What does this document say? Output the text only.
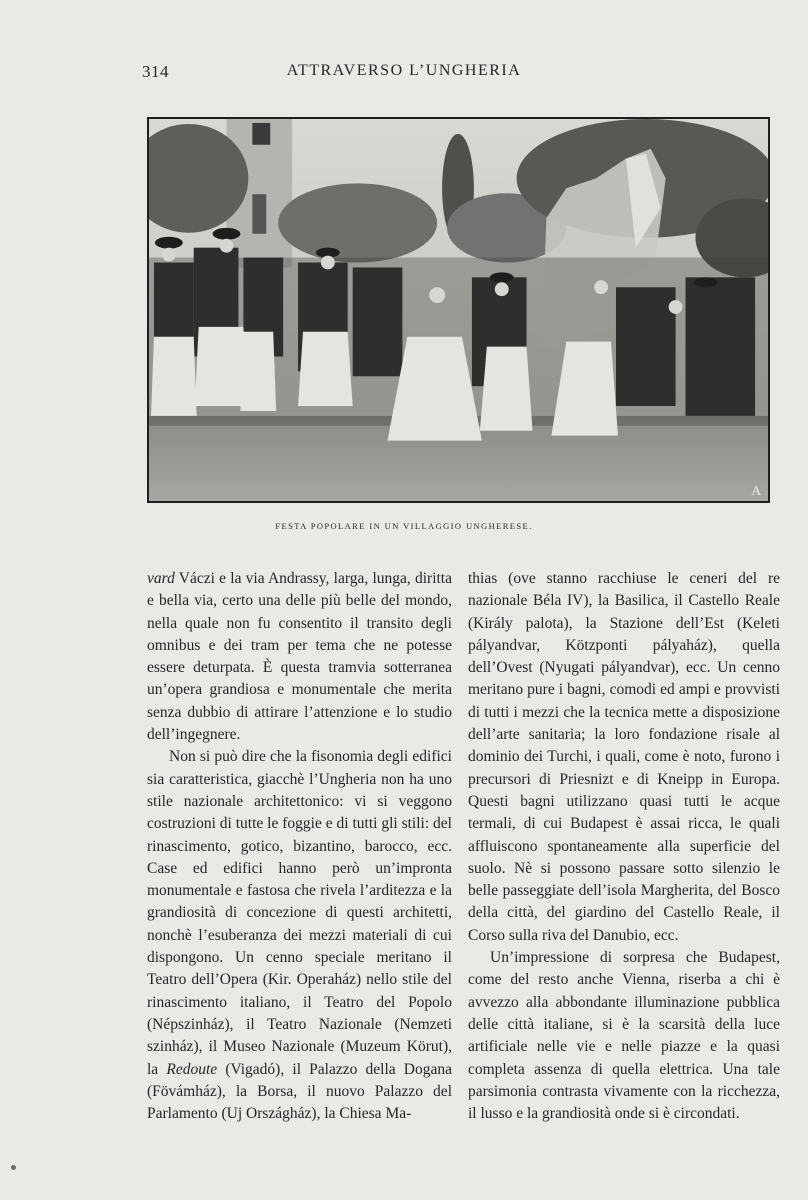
314	ATTRAVERSO L’UNGHERIA
A
FESTA POPOLARE IN UN VILLAGGIO UNGHERESE.

vard Váczi e la via Andrassy, larga, lunga, diritta e bella via, certo una delle più belle del mondo, nella quale non fu consentito il transito degli omnibus e dei tram per tema che ne potesse essere deturpata. È questa tramvia sotterranea un’opera grandiosa e monumentale che merita senza dubbio di attirare l’attenzione e lo studio dell’ingegnere.

Non si può dire che la fisonomia degli edifici sia caratteristica, giacchè l’Ungheria non ha uno stile nazionale architettonico: vi si veggono costruzioni di tutte le foggie e di tutti gli stili: del rinascimento, gotico, bizantino, barocco, ecc. Case ed edifici hanno però un’impronta monumentale e fastosa che rivela l’arditezza e la grandiosità di concezione di questi architetti, nonchè l’esuberanza dei mezzi materiali di cui dispongono. Un cenno speciale meritano il Teatro dell’Opera (Kir. Operaház) nello stile del rinascimento italiano, il Teatro del Popolo (Népszinház), il Teatro Nazionale (Nemzeti szinház), il Museo Nazionale (Muzeum Körut), la Redoute (Vigadó), il Palazzo della Dogana (Fövámház), la Borsa, il nuovo Palazzo del Parlamento (Uj Országház), la Chiesa Ma-

thias (ove stanno racchiuse le ceneri del re nazionale Béla IV), la Basilica, il Castello Reale (Király palota), la Stazione dell’Est (Keleti pályandvar, Kötzponti pályaház), quella dell’Ovest (Nyugati pályandvar), ecc. Un cenno meritano pure i bagni, comodi ed ampi e provvisti di tutti i mezzi che la tecnica mette a disposizione dell’arte sanitaria; la loro fondazione risale al dominio dei Turchi, i quali, come è noto, furono i precursori di Priesnizt e di Kneipp in Europa. Questi bagni utilizzano quasi tutti le acque termali, di cui Budapest è assai ricca, le quali affluiscono spontaneamente alla superficie del suolo. Nè si possono passare sotto silenzio le belle passeggiate dell’isola Margherita, del Bosco della città, del giardino del Castello Reale, il Corso sulla riva del Danubio, ecc.

Un’impressione di sorpresa che Budapest, come del resto anche Vienna, riserba a chi è avvezzo alla abbondante illuminazione pubblica delle città italiane, si è la scarsità della luce artificiale nelle vie e nelle piazze e la quasi completa assenza di quella elettrica. Una tale parsimonia contrasta vivamente con la ricchezza, il lusso e la grandiosità onde si è circondati.
